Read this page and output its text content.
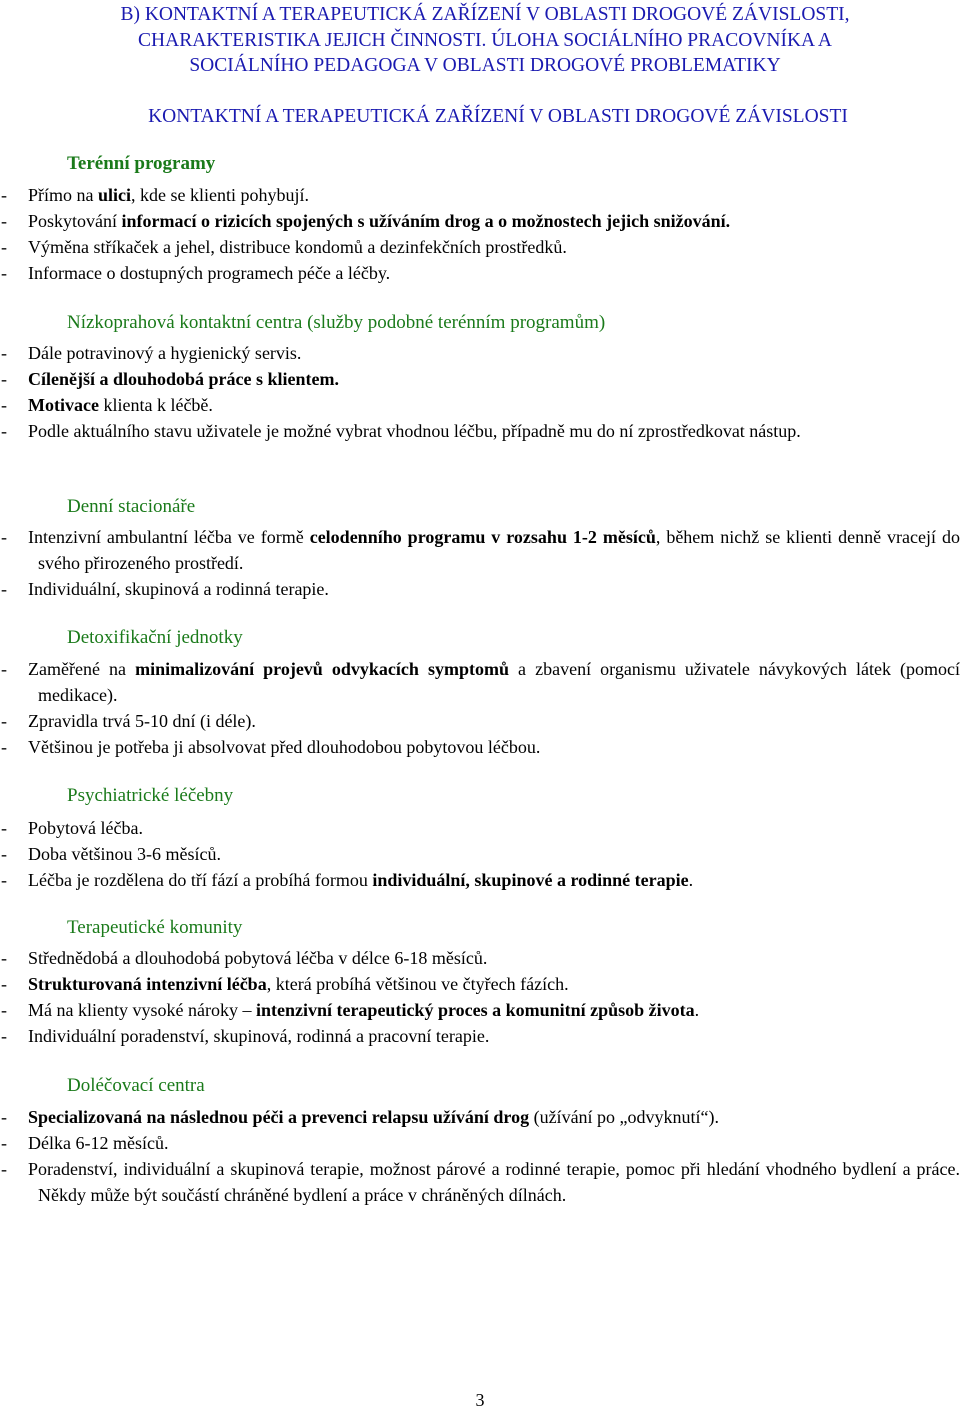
B) KONTAKTNÍ A TERAPEUTICKÁ ZAŘÍZENÍ V OBLASTI DROGOVÉ ZÁVISLOSTI,
CHARAKTERISTIKA JEJICH ČINNOSTI. ÚLOHA SOCIÁLNÍHO PRACOVNÍKA A
SOCIÁLNÍHO PEDAGOGA V OBLASTI DROGOVÉ PROBLEMATIKY
KONTAKTNÍ A TERAPEUTICKÁ ZAŘÍZENÍ V OBLASTI DROGOVÉ ZÁVISLOSTI
Terénní programy
- Přímo na ulici, kde se klienti pohybují.
- Poskytování informací o rizicích spojených s užíváním drog a o možnostech jejich snižování.
- Výměna stříkaček a jehel, distribuce kondomů a dezinfekčních prostředků.
- Informace o dostupných programech péče a léčby.
Nízkoprahová kontaktní centra (služby podobné terénním programům)
- Dále potravinový a hygienický servis.
- Cílenější a dlouhodobá práce s klientem.
- Motivace klienta k léčbě.
- Podle aktuálního stavu uživatele je možné vybrat vhodnou léčbu, případně mu do ní zprostředkovat nástup.
Denní stacionáře
- Intenzivní ambulantní léčba ve formě celodenního programu v rozsahu 1-2 měsíců, během nichž se klienti denně vracejí do svého přirozeného prostředí.
- Individuální, skupinová a rodinná terapie.
Detoxifikační jednotky
- Zaměřené na minimalizování projevů odvykacích symptomů a zbavení organismu uživatele návykových látek (pomocí medikace).
- Zpravidla trvá 5-10 dní (i déle).
- Většinou je potřeba ji absolvovat před dlouhodobou pobytovou léčbou.
Psychiatrické léčebny
- Pobytová léčba.
- Doba většinou 3-6 měsíců.
- Léčba je rozdělena do tří fází a probíhá formou individuální, skupinové a rodinné terapie.
Terapeutické komunity
- Střednědobá a dlouhodobá pobytová léčba v délce 6-18 měsíců.
- Strukturovaná intenzivní léčba, která probíhá většinou ve čtyřech fázích.
- Má na klienty vysoké nároky – intenzivní terapeutický proces a komunitní způsob života.
- Individuální poradenství, skupinová, rodinná a pracovní terapie.
Doléčovací centra
- Specializovaná na následnou péči a prevenci relapsu užívání drog (užívání po „odvyknutí“).
- Délka 6-12 měsíců.
- Poradenství, individuální a skupinová terapie, možnost párové a rodinné terapie, pomoc při hledání vhodného bydlení a práce. Někdy může být součástí chráněné bydlení a práce v chráněných dílnách.
3
